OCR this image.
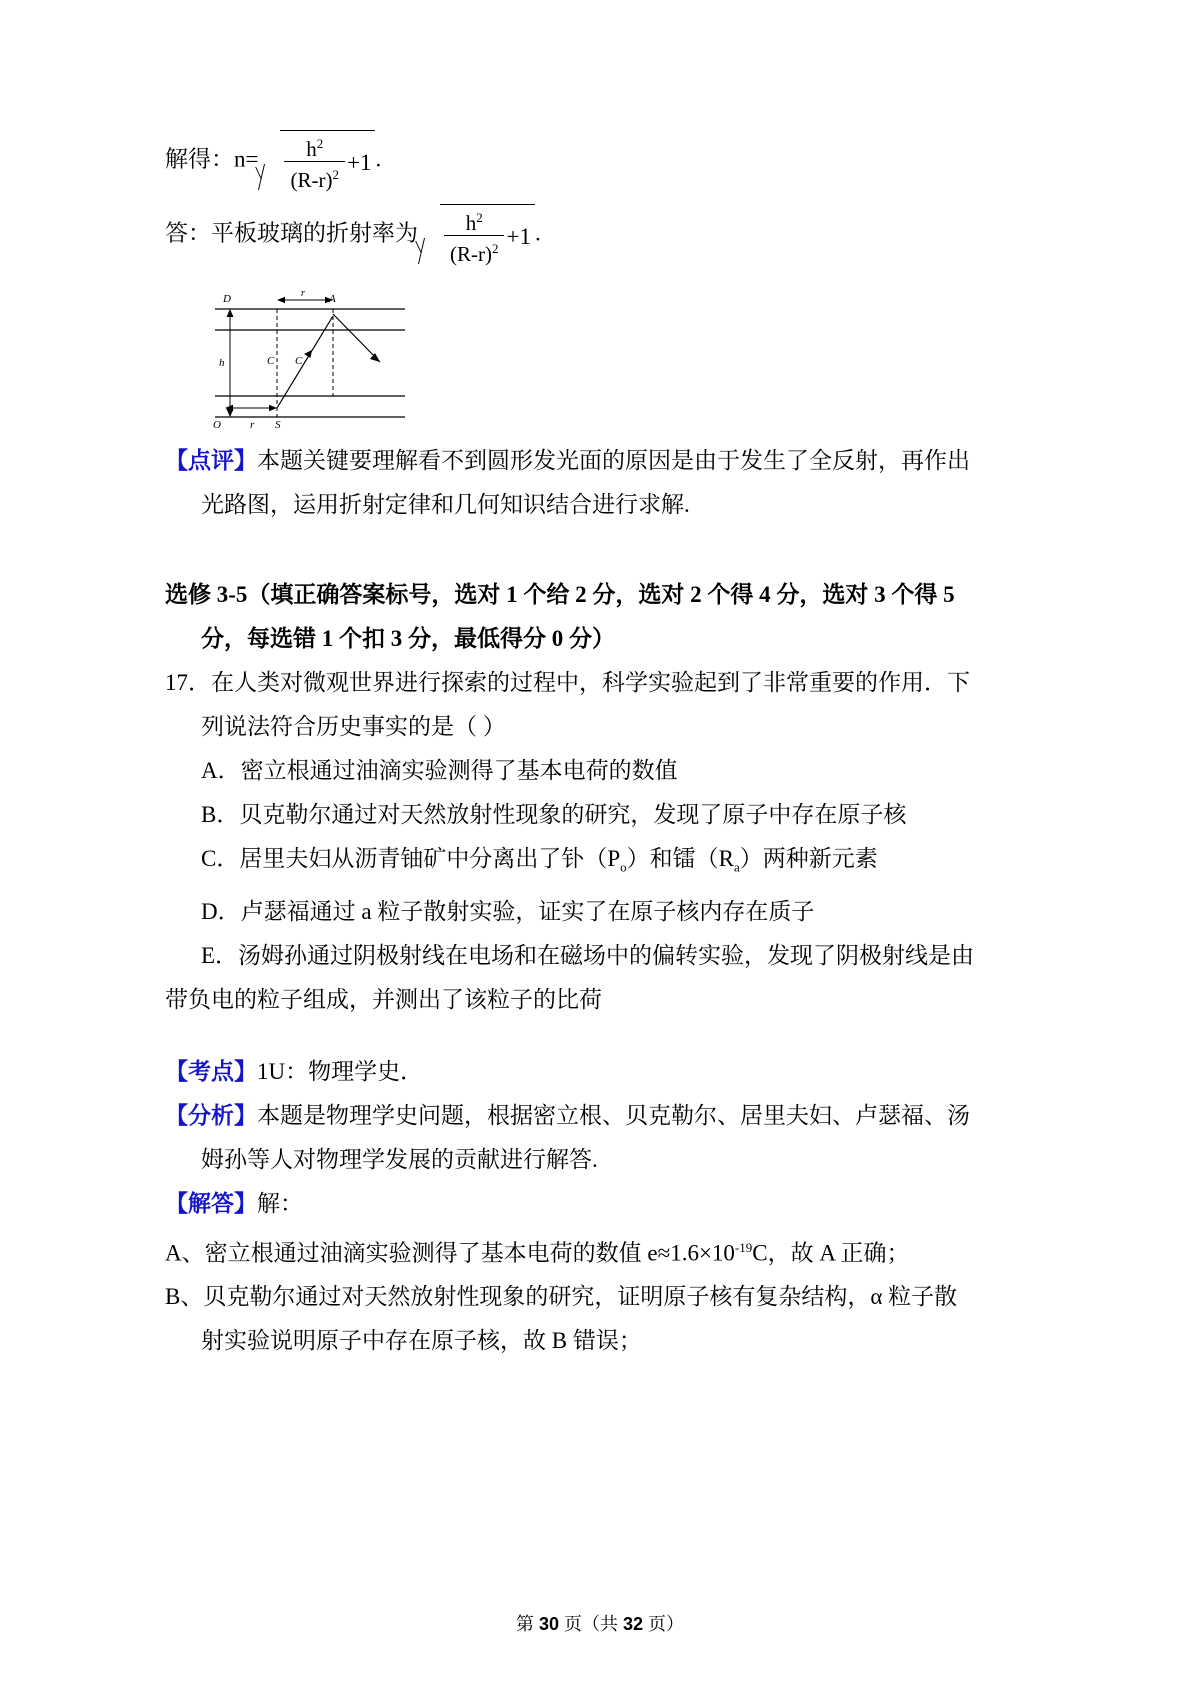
解得：$n= \frac{h^2}{(R-r)^2} +1$ .
答：平板玻璃的折射率为 $\frac{h^2}{(R-r)^2} +1$ .
D	A
h	C C
O	r
r
S
【点评】本题关键要理解看不到圆形发光面的原因是由于发生了全反射，再作出
光路图，运用折射定律和几何知识结合进行求解.
选修 3-5（填正确答案标号，选对 1 个给 2 分，选对 2 个得 4 分，选对 3 个得 5
分，每选错 1 个扣 3 分，最低得分 0 分）
17．在人类对微观世界进行探索的过程中，科学实验起到了非常重要的作用．下
列说法符合历史事实的是（ ）
A．密立根通过油滴实验测得了基本电荷的数值
B．贝克勒尔通过对天然放射性现象的研究，发现了原子中存在原子核
C．居里夫妇从沥青铀矿中分离出了钋$(P_o)$和镭$(R_a)$两种新元素
D．卢瑟福通过 a 粒子散射实验，证实了在原子核内存在质子
E．汤姆孙通过阴极射线在电场和在磁场中的偏转实验，发现了阴极射线是由
带负电的粒子组成，并测出了该粒子的比荷
【考点】1U：物理学史．
【分析】本题是物理学史问题，根据密立根、贝克勒尔、居里夫妇、卢瑟福、汤
姆孙等人对物理学发展的贡献进行解答.
【解答】解：
A、密立根通过油滴实验测得了基本电荷的数值 $e\approx 1.6\times 10^{-19}C$，故 A 正确；
B、贝克勒尔通过对天然放射性现象的研究，证明原子核有复杂结构，α 粒子散
射实验说明原子中存在原子核，故 B 错误；
第 30 页（共 32 页）
